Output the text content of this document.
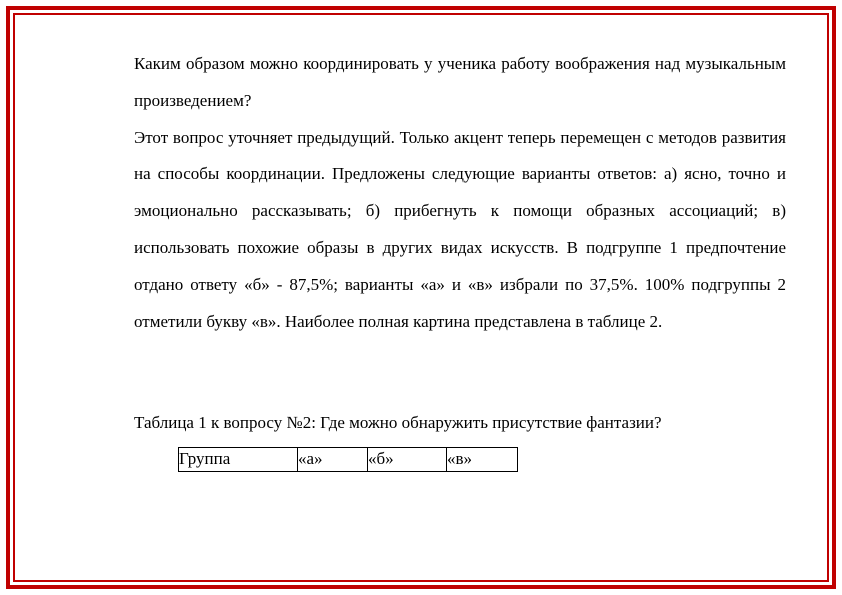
Каким образом можно координировать у ученика работу воображения над музыкальным произведением?

Этот вопрос уточняет предыдущий. Только акцент теперь перемещен с методов развития на способы координации. Предложены следующие варианты ответов: а) ясно, точно и эмоционально рассказывать; б) прибегнуть к помощи образных ассоциаций; в) использовать похожие образы в других видах искусств. В подгруппе 1 предпочтение отдано ответу «б» - 87,5%; варианты «а» и «в» избрали по 37,5%. 100% подгруппы 2 отметили букву «в». Наиболее полная картина представлена в таблице 2.

Таблица 1 к вопросу №2: Где можно обнаружить присутствие фантазии?

Группа	«а»	«б»	«в»
